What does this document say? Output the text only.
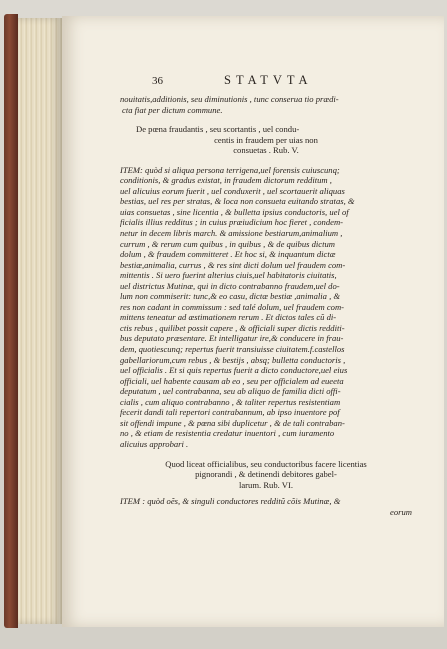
36	STATVTA
nouitatis,additionis, seu diminutionis , tunc conserua tio prædi-
cta fiat per dictum commune.
De pœna fraudantis , seu scortantis , uel condu-
centis in fraudem per uias non
consuetas . Rub. V.
ITEM: quòd si aliqua persona terrigena,uel forensis cuiuscunq;
conditionis, & gradus existat, in fraudem dictorum redditum ,
uel alicuius eorum fuerit , uel conduxerit , uel scortauerit aliquas
bestias, uel res per stratas, & loca non consueta euitando stratas, &
uias consuetas , sine licentia , & bulletta ipsius conductoris, uel of
ficialis illius redditus ; in cuius præiudicium hoc fieret , condem-
netur in decem libris march. & amissione bestiarum,animalium ,
currum , & rerum cum quibus , in quibus , & de quibus dictum
dolum , & fraudem committeret . Et hoc si, & inquantum dictæ
bestiæ,animalia, currus , & res sint dicti dolum uel fraudem com-
mittentis . Si uero fuerint alterius ciuis,uel habitatoris ciuitatis,
uel districtus Mutinæ, qui in dicto contrabanno fraudem,uel do-
lum non commiserit: tunc,& eo casu, dictæ bestiæ ,animalia , &
res non cadant in commissum : sed talé dolum, uel fraudem com-
mittens teneatur ad æstimationem rerum . Et dictos tales cũ di-
ctis rebus , quilibet possit capere , & officiali super dictis redditi-
bus deputato præsentare. Et intelligatur ire,& conducere in frau-
dem, quotiescunq; repertus fuerit transiuisse ciuitatem.f.castellos
gabellariorum,cum rebus , & bestijs , absq; bulletta conductoris ,
uel officialis . Et si quis repertus fuerit a dicto conductore,uel eius
officiali, uel habente causam ab eo , seu per officialem ad eueeta
deputatum , uel contrabanna, seu ab aliquo de familia dicti offi-
cialis , cum aliquo contrabanno , & taliter repertus resistentiam
fecerit dandi tali repertori contrabannum, ab ipso inuentore pof
sit offendi impune , & pœna sibi duplicetur , & de tali contraban-
no , & etiam de resistentia credatur inuentori , cum iuramento
alicuius approbari .
Quod liceat officialibus, seu conductoribus facere licentias
pignorandi , & detinendi debitores gabel-
larum. Rub. VI.
ITEM : quòd oẽs, & singuli conductores redditũ cõis Mutinæ, &
eorum
